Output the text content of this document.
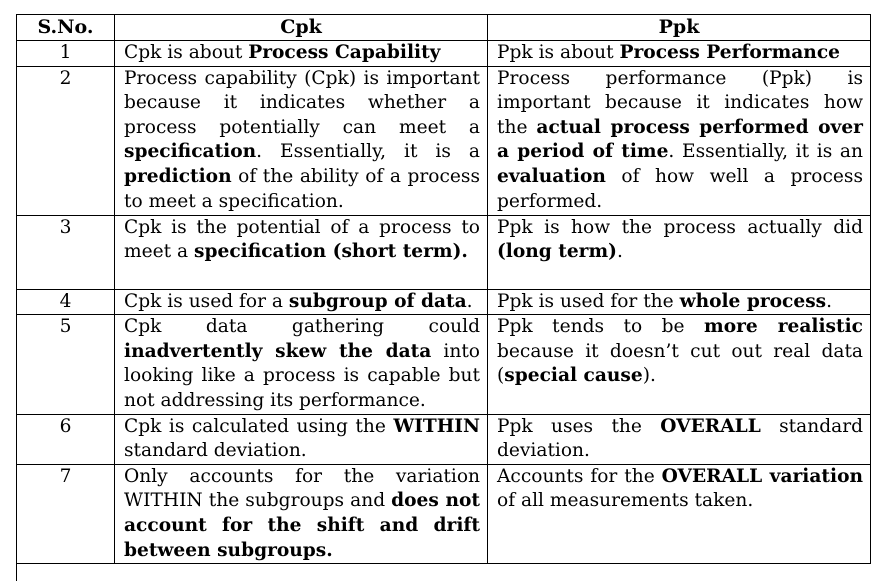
S.No.	Cpk	Ppk
1	Cpk is about Process Capability	Ppk is about Process Performance
2	Process capability (Cpk) is important because it indicates whether a process potentially can meet a specification. Essentially, it is a prediction of the ability of a process to meet a specification.	Process performance (Ppk) is important because it indicates how the actual process performed over a period of time. Essentially, it is an evaluation of how well a process performed.
3	Cpk is the potential of a process to meet a specification (short term).	Ppk is how the process actually did (long term).
4	Cpk is used for a subgroup of data.	Ppk is used for the whole process.
5	Cpk data gathering could inadvertently skew the data into looking like a process is capable but not addressing its performance.	Ppk tends to be more realistic because it doesn’t cut out real data (special cause).
6	Cpk is calculated using the WITHIN standard deviation.	Ppk uses the OVERALL standard deviation.
7	Only accounts for the variation WITHIN the subgroups and does not account for the shift and drift between subgroups.	Accounts for the OVERALL variation of all measurements taken.
